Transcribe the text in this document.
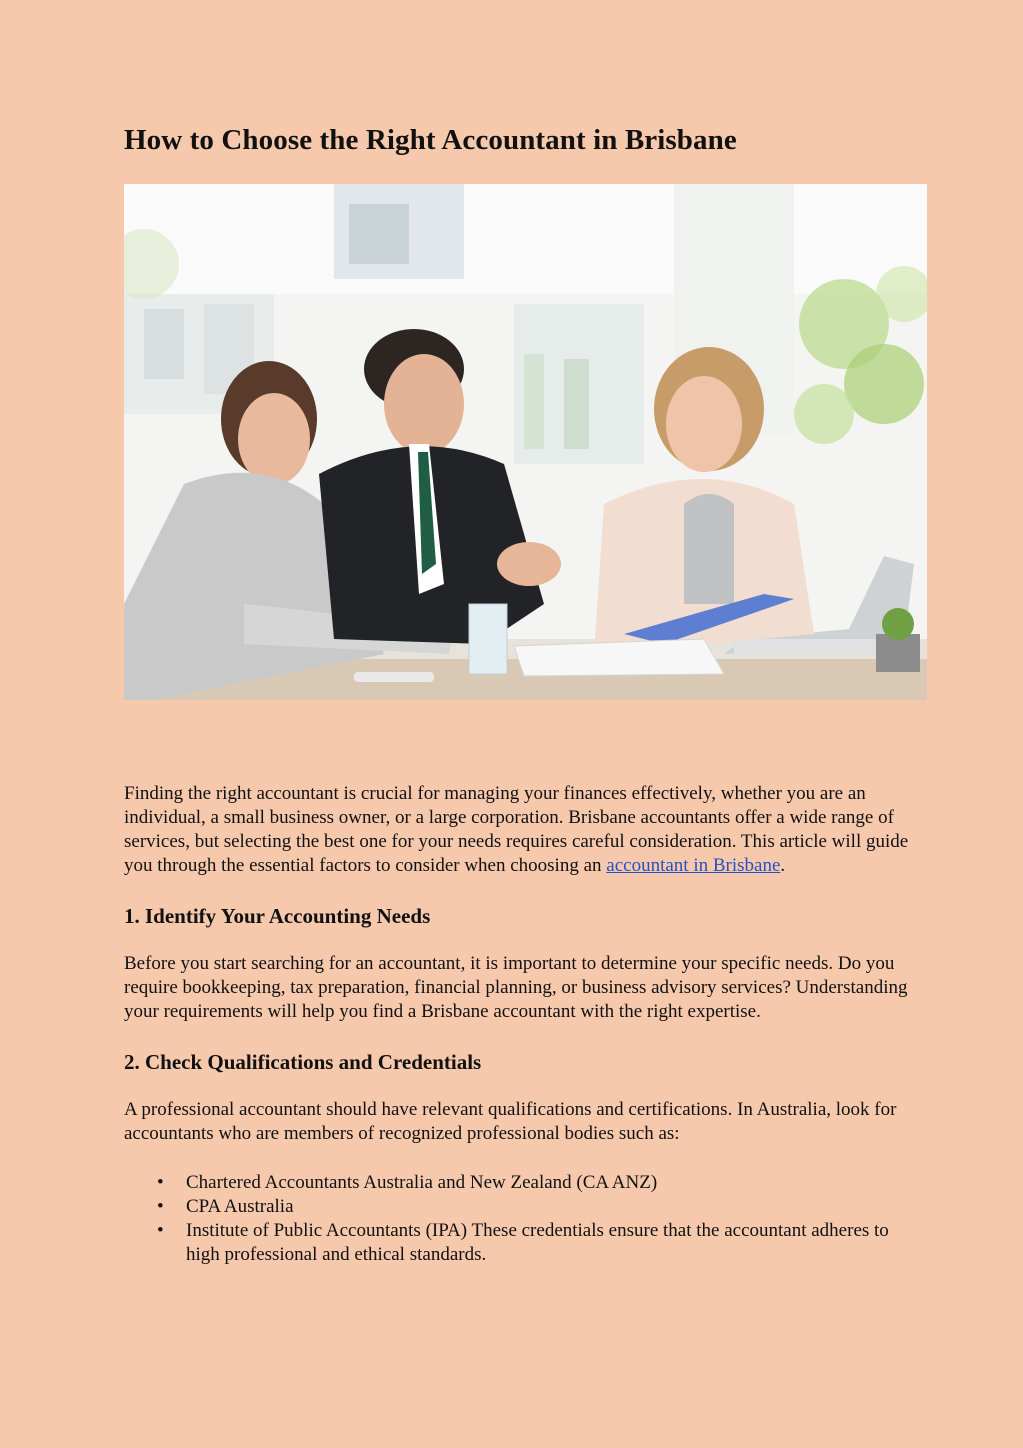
How to Choose the Right Accountant in Brisbane

Finding the right accountant is crucial for managing your finances effectively, whether you are an individual, a small business owner, or a large corporation. Brisbane accountants offer a wide range of services, but selecting the best one for your needs requires careful consideration. This article will guide you through the essential factors to consider when choosing an accountant in Brisbane.

1. Identify Your Accounting Needs

Before you start searching for an accountant, it is important to determine your specific needs. Do you require bookkeeping, tax preparation, financial planning, or business advisory services? Understanding your requirements will help you find a Brisbane accountant with the right expertise.

2. Check Qualifications and Credentials

A professional accountant should have relevant qualifications and certifications. In Australia, look for accountants who are members of recognized professional bodies such as:

• Chartered Accountants Australia and New Zealand (CA ANZ)
• CPA Australia
• Institute of Public Accountants (IPA) These credentials ensure that the accountant adheres to high professional and ethical standards.
